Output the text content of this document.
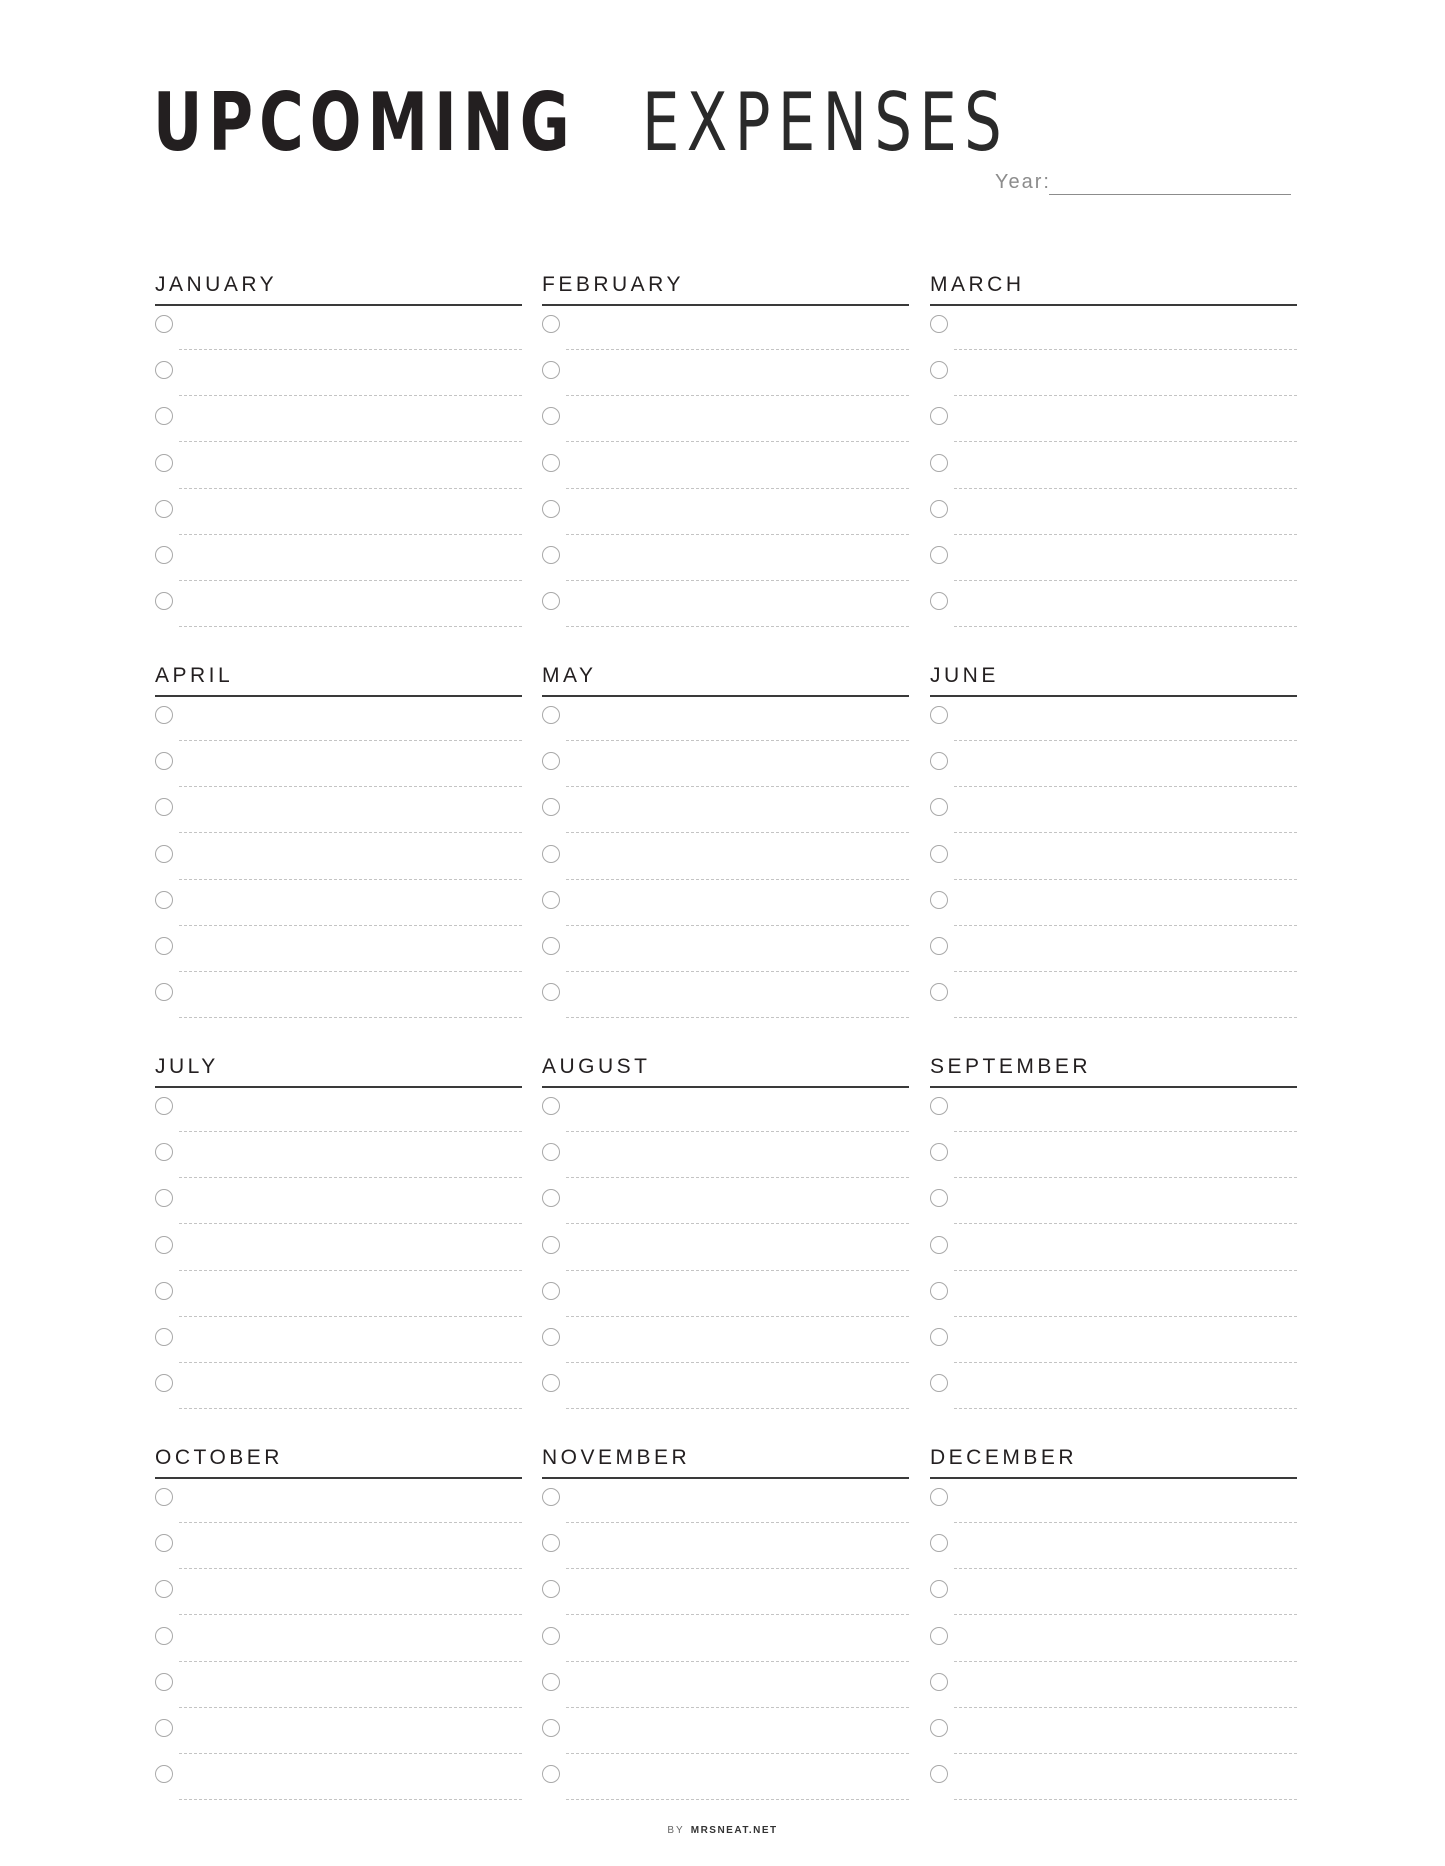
UPCOMING EXPENSES
Year:
JANUARY	FEBRUARY	MARCH
APRIL	MAY	JUNE
JULY	AUGUST	SEPTEMBER
OCTOBER	NOVEMBER	DECEMBER
BY MRSNEAT.NET
